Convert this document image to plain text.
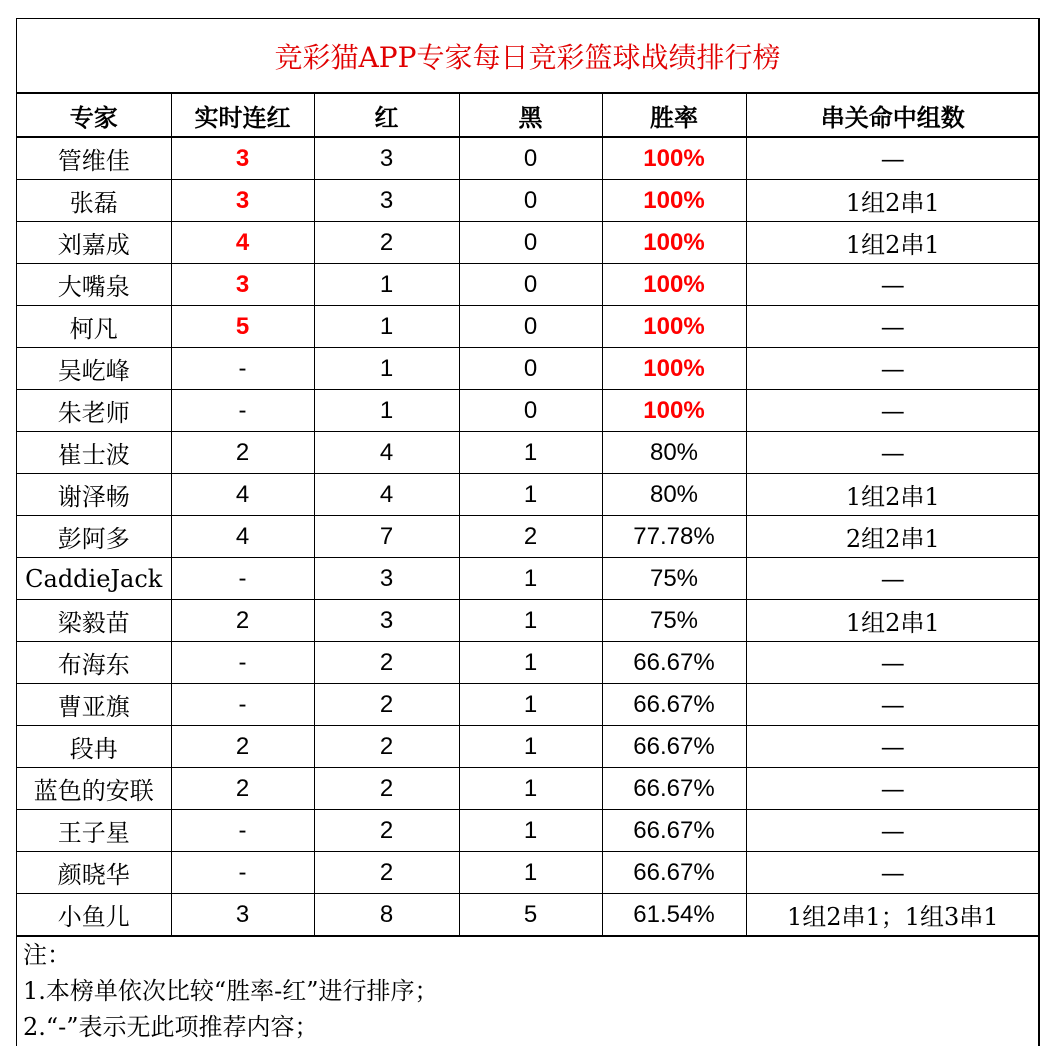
竞彩猫APP专家每日竞彩篮球战绩排行榜
专家	实时连红	红	黑	胜率	串关命中组数
管维佳	3	3	0	100%	—
张磊	3	3	0	100%	1组2串1
刘嘉成	4	2	0	100%	1组2串1
大嘴泉	3	1	0	100%	—
柯凡	5	1	0	100%	—
吴屹峰	-	1	0	100%	—
朱老师	-	1	0	100%	—
崔士波	2	4	1	80%	—
谢泽畅	4	4	1	80%	1组2串1
彭阿多	4	7	2	77.78%	2组2串1
CaddieJack	-	3	1	75%	—
梁毅苗	2	3	1	75%	1组2串1
布海东	-	2	1	66.67%	—
曹亚旗	-	2	1	66.67%	—
段冉	2	2	1	66.67%	—
蓝色的安联	2	2	1	66.67%	—
王子星	-	2	1	66.67%	—
颜晓华	-	2	1	66.67%	—
小鱼儿	3	8	5	61.54%	1组2串1；1组3串1
注：
1.本榜单依次比较“胜率-红”进行排序；
2.“-”表示无此项推荐内容；
